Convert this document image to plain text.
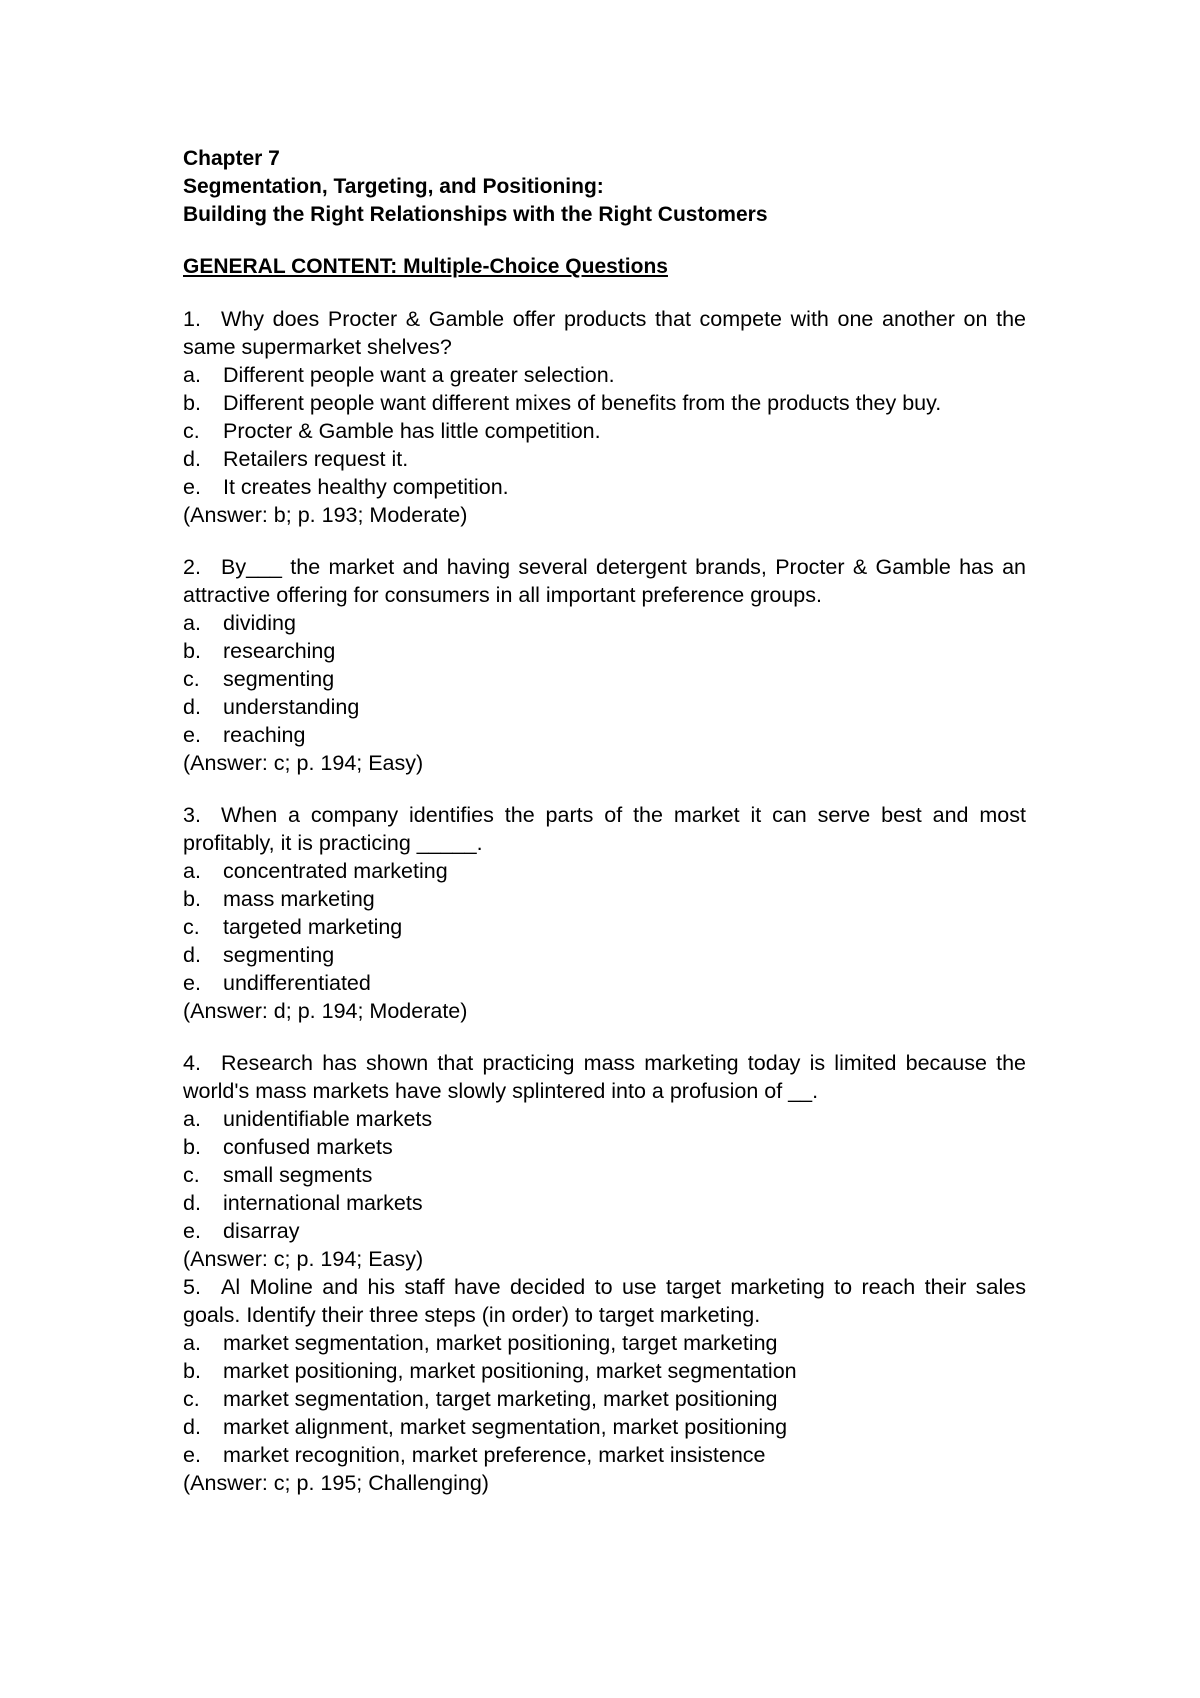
Chapter 7

Segmentation, Targeting, and Positioning:

Building the Right Relationships with the Right Customers

GENERAL CONTENT: Multiple-Choice Questions

1. Why does Procter & Gamble offer products that compete with one another on the same supermarket shelves?

a. Different people want a greater selection.

b. Different people want different mixes of benefits from the products they buy.

c. Procter & Gamble has little competition.

d. Retailers request it.

e. It creates healthy competition.

(Answer: b; p. 193; Moderate)

2. By___ the market and having several detergent brands, Procter & Gamble has an attractive offering for consumers in all important preference groups.

a. dividing

b. researching

c. segmenting

d. understanding

e. reaching

(Answer: c; p. 194; Easy)

3. When a company identifies the parts of the market it can serve best and most profitably, it is practicing _____.

a. concentrated marketing

b. mass marketing

c. targeted marketing

d. segmenting

e. undifferentiated

(Answer: d; p. 194; Moderate)

4. Research has shown that practicing mass marketing today is limited because the world's mass markets have slowly splintered into a profusion of __.

a. unidentifiable markets

b. confused markets

c. small segments

d. international markets

e. disarray

(Answer: c; p. 194; Easy)

5. Al Moline and his staff have decided to use target marketing to reach their sales goals. Identify their three steps (in order) to target marketing.

a. market segmentation, market positioning, target marketing

b. market positioning, market positioning, market segmentation

c. market segmentation, target marketing, market positioning

d. market alignment, market segmentation, market positioning

e. market recognition, market preference, market insistence

(Answer: c; p. 195; Challenging)
